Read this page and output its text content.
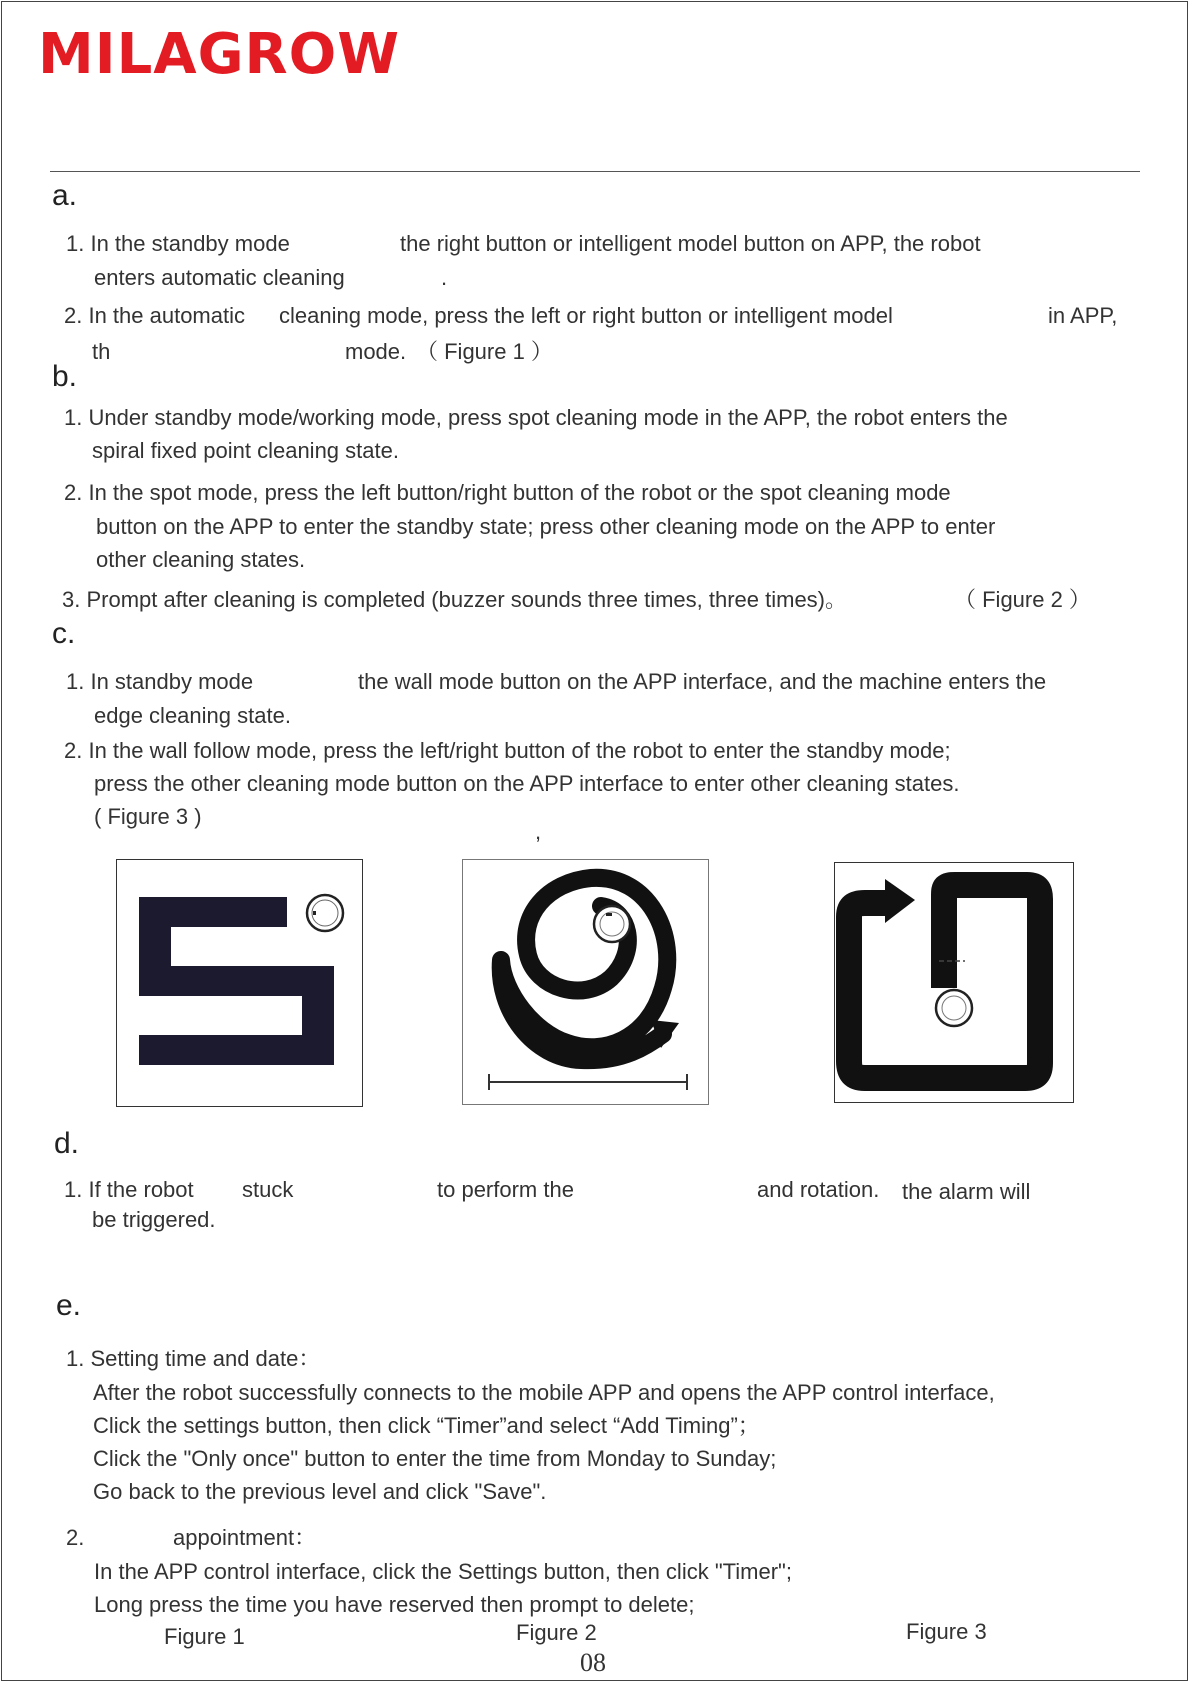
MILAGROW
a.
1. In the standby mode	the right button or intelligent model button on APP, the robot
enters automatic cleaning	.
2. In the automatic cleaning mode, press the left or right button or intelligent model	in APP,
th	mode. （ Figure 1 ）
b.
1. Under standby mode/working mode, press spot cleaning mode in the APP, the robot enters the
spiral fixed point cleaning state.
2. In the spot mode, press the left button/right button of the robot or the spot cleaning mode
button on the APP to enter the standby state; press other cleaning mode on the APP to enter
other cleaning states.
3. Prompt after cleaning is completed (buzzer sounds three times, three times)。	（ Figure 2 ）
c.
1. In standby mode	the wall mode button on the APP interface, and the machine enters the
edge cleaning state.
2. In the wall follow mode, press the left/right button of the robot to enter the standby mode;
press the other cleaning mode button on the APP interface to enter other cleaning states.
( Figure 3 )
,
d.
1. If the robot stuck	to perform the	and rotation. the alarm will
be triggered.
e.
1. Setting time and date：
After the robot successfully connects to the mobile APP and opens the APP control interface,
Click the settings button, then click “Timer”and select “Add Timing”；
Click the "Only once" button to enter the time from Monday to Sunday;
Go back to the previous level and click "Save".
2.	appointment：
In the APP control interface, click the Settings button, then click "Timer";
Long press the time you have reserved then prompt to delete;
Figure 1	Figure 2	Figure 3
08
